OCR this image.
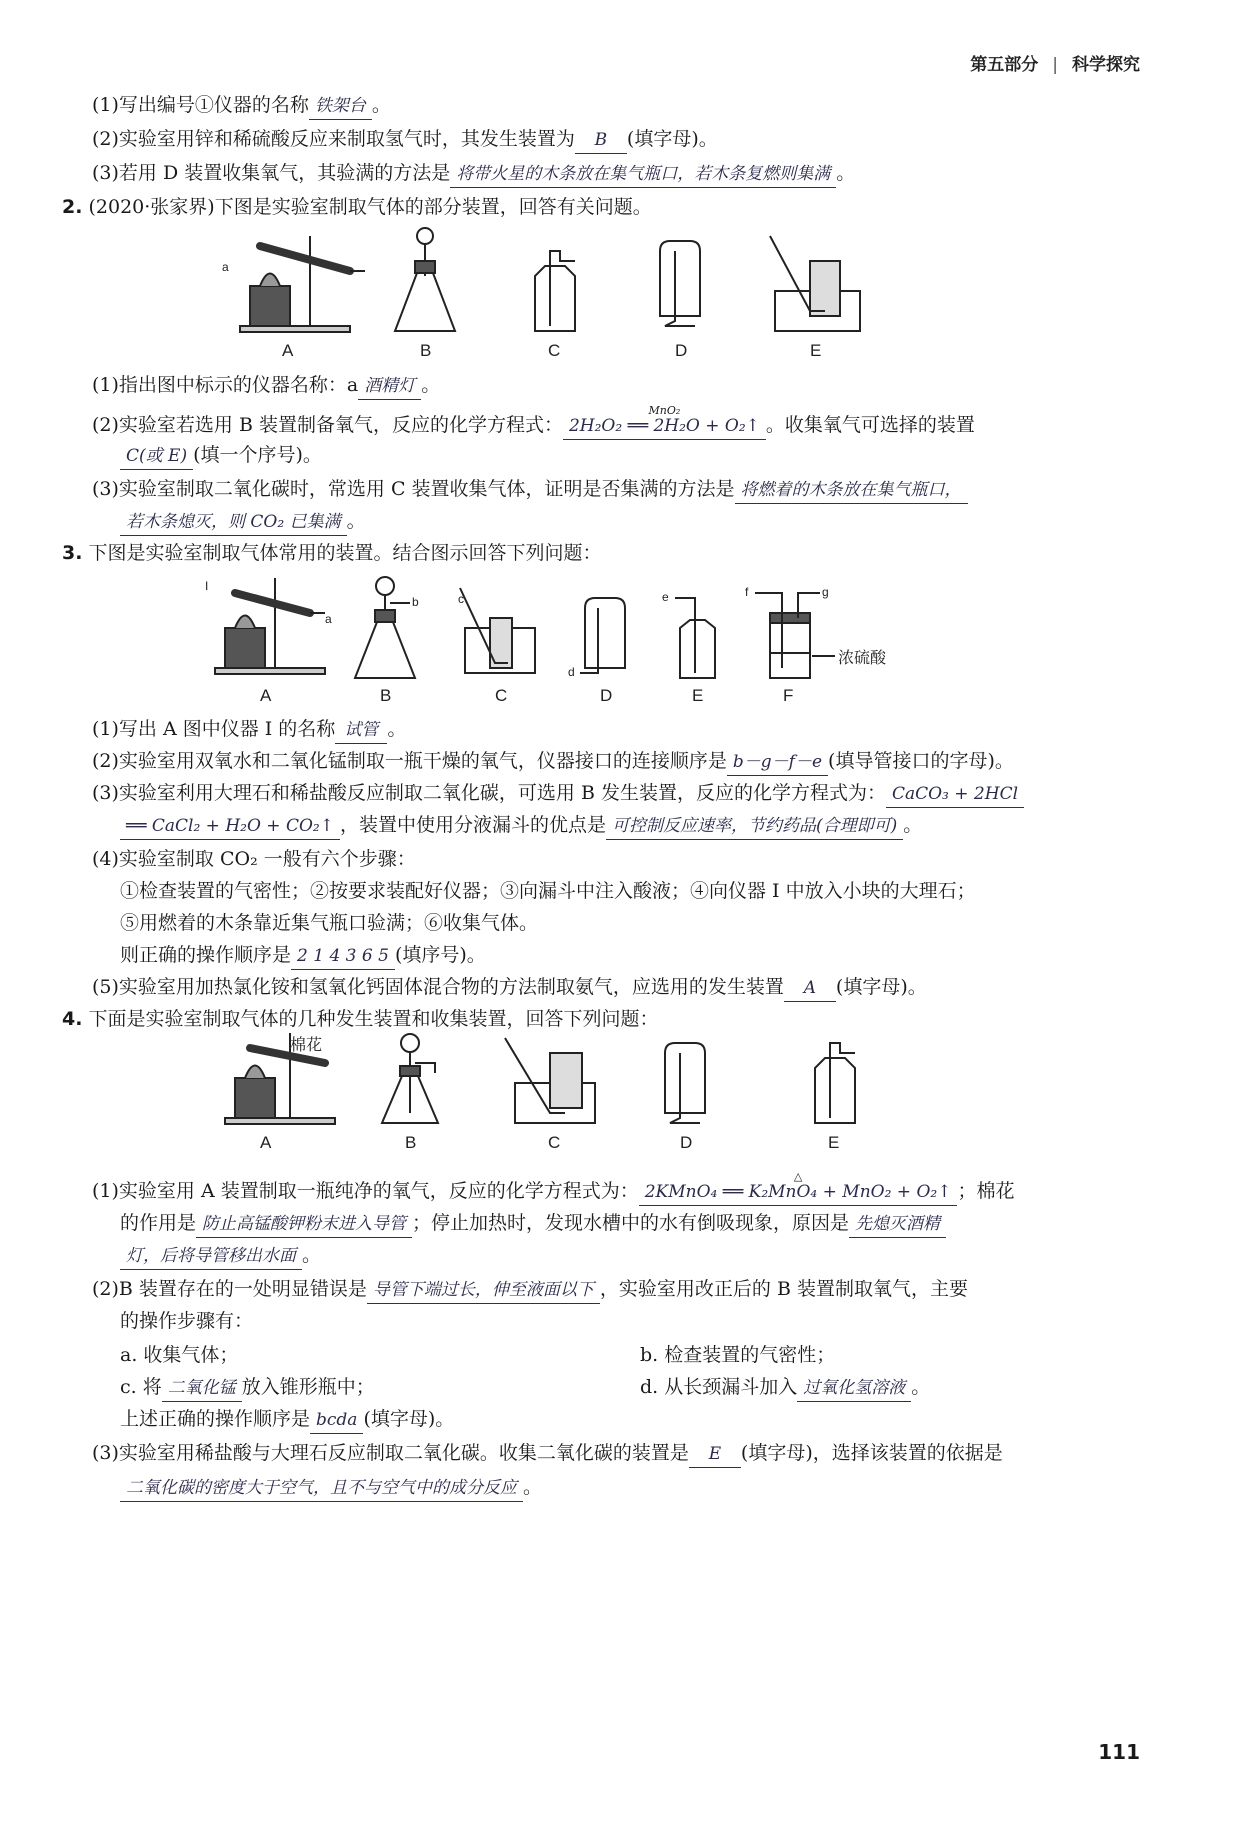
第五部分 | 科学探究
(1)写出编号①仪器的名称 铁架台 。
(2)实验室用锌和稀硫酸反应来制取氢气时，其发生装置为 B (填字母)。
(3)若用 D 装置收集氧气，其验满的方法是 将带火星的木条放在集气瓶口，若木条复燃则集满 。
2. (2020·张家界)下图是实验室制取气体的部分装置，回答有关问题。
a
A	B	C	D	E
(1)指出图中标示的仪器名称：a 酒精灯 。
(2)实验室若选用 B 装置制备氧气，反应的化学方程式：
MnO₂
2H₂O₂ ══ 2H₂O + O₂↑ 。收集氧气可选择的装置
C(或 E) (填一个序号)。
(3)实验室制取二氧化碳时，常选用 C 装置收集气体，证明是否集满的方法是 将燃着的木条放在集气瓶口，
若木条熄灭，则 CO₂ 已集满 。
3. 下图是实验室制取气体常用的装置。结合图示回答下列问题：
I
a
b	c
d
e	f	g
浓硫酸
A	B	C	D	E	F
(1)写出 A 图中仪器 I 的名称 试管 。
(2)实验室用双氧水和二氧化锰制取一瓶干燥的氧气，仪器接口的连接顺序是 b－g－f－e (填导管接口的字母)。
(3)实验室利用大理石和稀盐酸反应制取二氧化碳，可选用 B 发生装置，反应的化学方程式为： CaCO₃ + 2HCl
══ CaCl₂ + H₂O + CO₂↑ ，装置中使用分液漏斗的优点是 可控制反应速率，节约药品(合理即可) 。
(4)实验室制取 CO₂ 一般有六个步骤：
①检查装置的气密性；②按要求装配好仪器；③向漏斗中注入酸液；④向仪器 I 中放入小块的大理石；
⑤用燃着的木条靠近集气瓶口验满；⑥收集气体。
则正确的操作顺序是 2 1 4 3 6 5 (填序号)。
(5)实验室用加热氯化铵和氢氧化钙固体混合物的方法制取氨气，应选用的发生装置 A (填字母)。
4. 下面是实验室制取气体的几种发生装置和收集装置，回答下列问题：
棉花
A	B	C	D	E
(1)实验室用 A 装置制取一瓶纯净的氧气，反应的化学方程式为：
△
2KMnO₄ ══ K₂MnO₄ + MnO₂ + O₂↑ ；棉花
的作用是 防止高锰酸钾粉末进入导管 ；停止加热时，发现水槽中的水有倒吸现象，原因是 先熄灭酒精
灯，后将导管移出水面 。
(2)B 装置存在的一处明显错误是 导管下端过长，伸至液面以下 ，实验室用改正后的 B 装置制取氧气，主要
的操作步骤有：
a. 收集气体；	b. 检查装置的气密性；
c. 将 二氧化锰 放入锥形瓶中；	d. 从长颈漏斗加入 过氧化氢溶液 。
上述正确的操作顺序是 bcda (填字母)。
(3)实验室用稀盐酸与大理石反应制取二氧化碳。收集二氧化碳的装置是 E (填字母)，选择该装置的依据是
二氧化碳的密度大于空气，且不与空气中的成分反应 。
111
